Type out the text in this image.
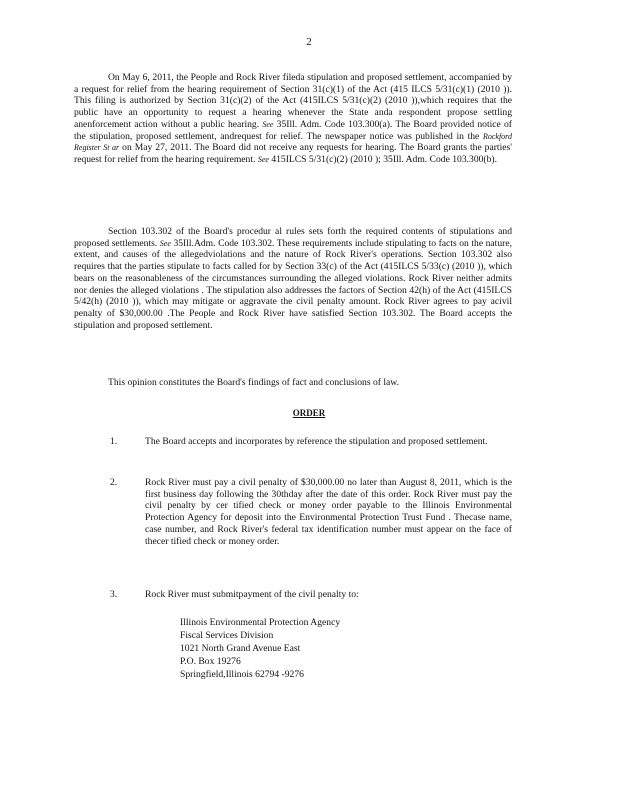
2

On May 6, 2011, the People and Rock River fileda stipulation and proposed settlement, accompanied by a request for relief from the hearing requirement of Section 31(c)(1) of the Act (415 ILCS 5/31(c)(1) (2010 )). This filing is authorized by Section 31(c)(2) of the Act (415ILCS 5/31(c)(2) (2010 )),which requires that the public have an opportunity to request a hearing whenever the State anda respondent propose settling anenforcement action without a public hearing. See 35Ill. Adm. Code 103.300(a). The Board provided notice of the stipulation, proposed settlement, andrequest for relief. The newspaper notice was published in the Rockford Register St ar on May 27, 2011. The Board did not receive any requests for hearing. The Board grants the parties' request for relief from the hearing requirement. See 415ILCS 5/31(c)(2) (2010 ); 35Ill. Adm. Code 103.300(b).

Section 103.302 of the Board's procedur al rules sets forth the required contents of stipulations and proposed settlements. See 35Ill.Adm. Code 103.302. These requirements include stipulating to facts on the nature, extent, and causes of the allegedviolations and the nature of Rock River's operations. Section 103.302 also requires that the parties stipulate to facts called for by Section 33(c) of the Act (415ILCS 5/33(c) (2010 )), which bears on the reasonableness of the circumstances surrounding the alleged violations. Rock River neither admits nor denies the alleged violations . The stipulation also addresses the factors of Section 42(h) of the Act (415ILCS 5/42(h) (2010 )), which may mitigate or aggravate the civil penalty amount. Rock River agrees to pay acivil penalty of $30,000.00 .The People and Rock River have satisfied Section 103.302. The Board accepts the stipulation and proposed settlement.

This opinion constitutes the Board's findings of fact and conclusions of law.

ORDER
1.	The Board accepts and incorporates by reference the stipulation and proposed settlement.

2.	Rock River must pay a civil penalty of $30,000.00 no later than August 8, 2011, which is the first business day following the 30thday after the date of this order. Rock River must pay the civil penalty by cer tified check or money order payable to the Illinois Environmental Protection Agency for deposit into the Environmental Protection Trust Fund . Thecase name, case number, and Rock River's federal tax identification number must appear on the face of thecer tified check or money order.

3.	Rock River must submitpayment of the civil penalty to:

Illinois Environmental Protection Agency
Fiscal Services Division
1021 North Grand Avenue East
P.O. Box 19276
Springfield,Illinois 62794 -9276
